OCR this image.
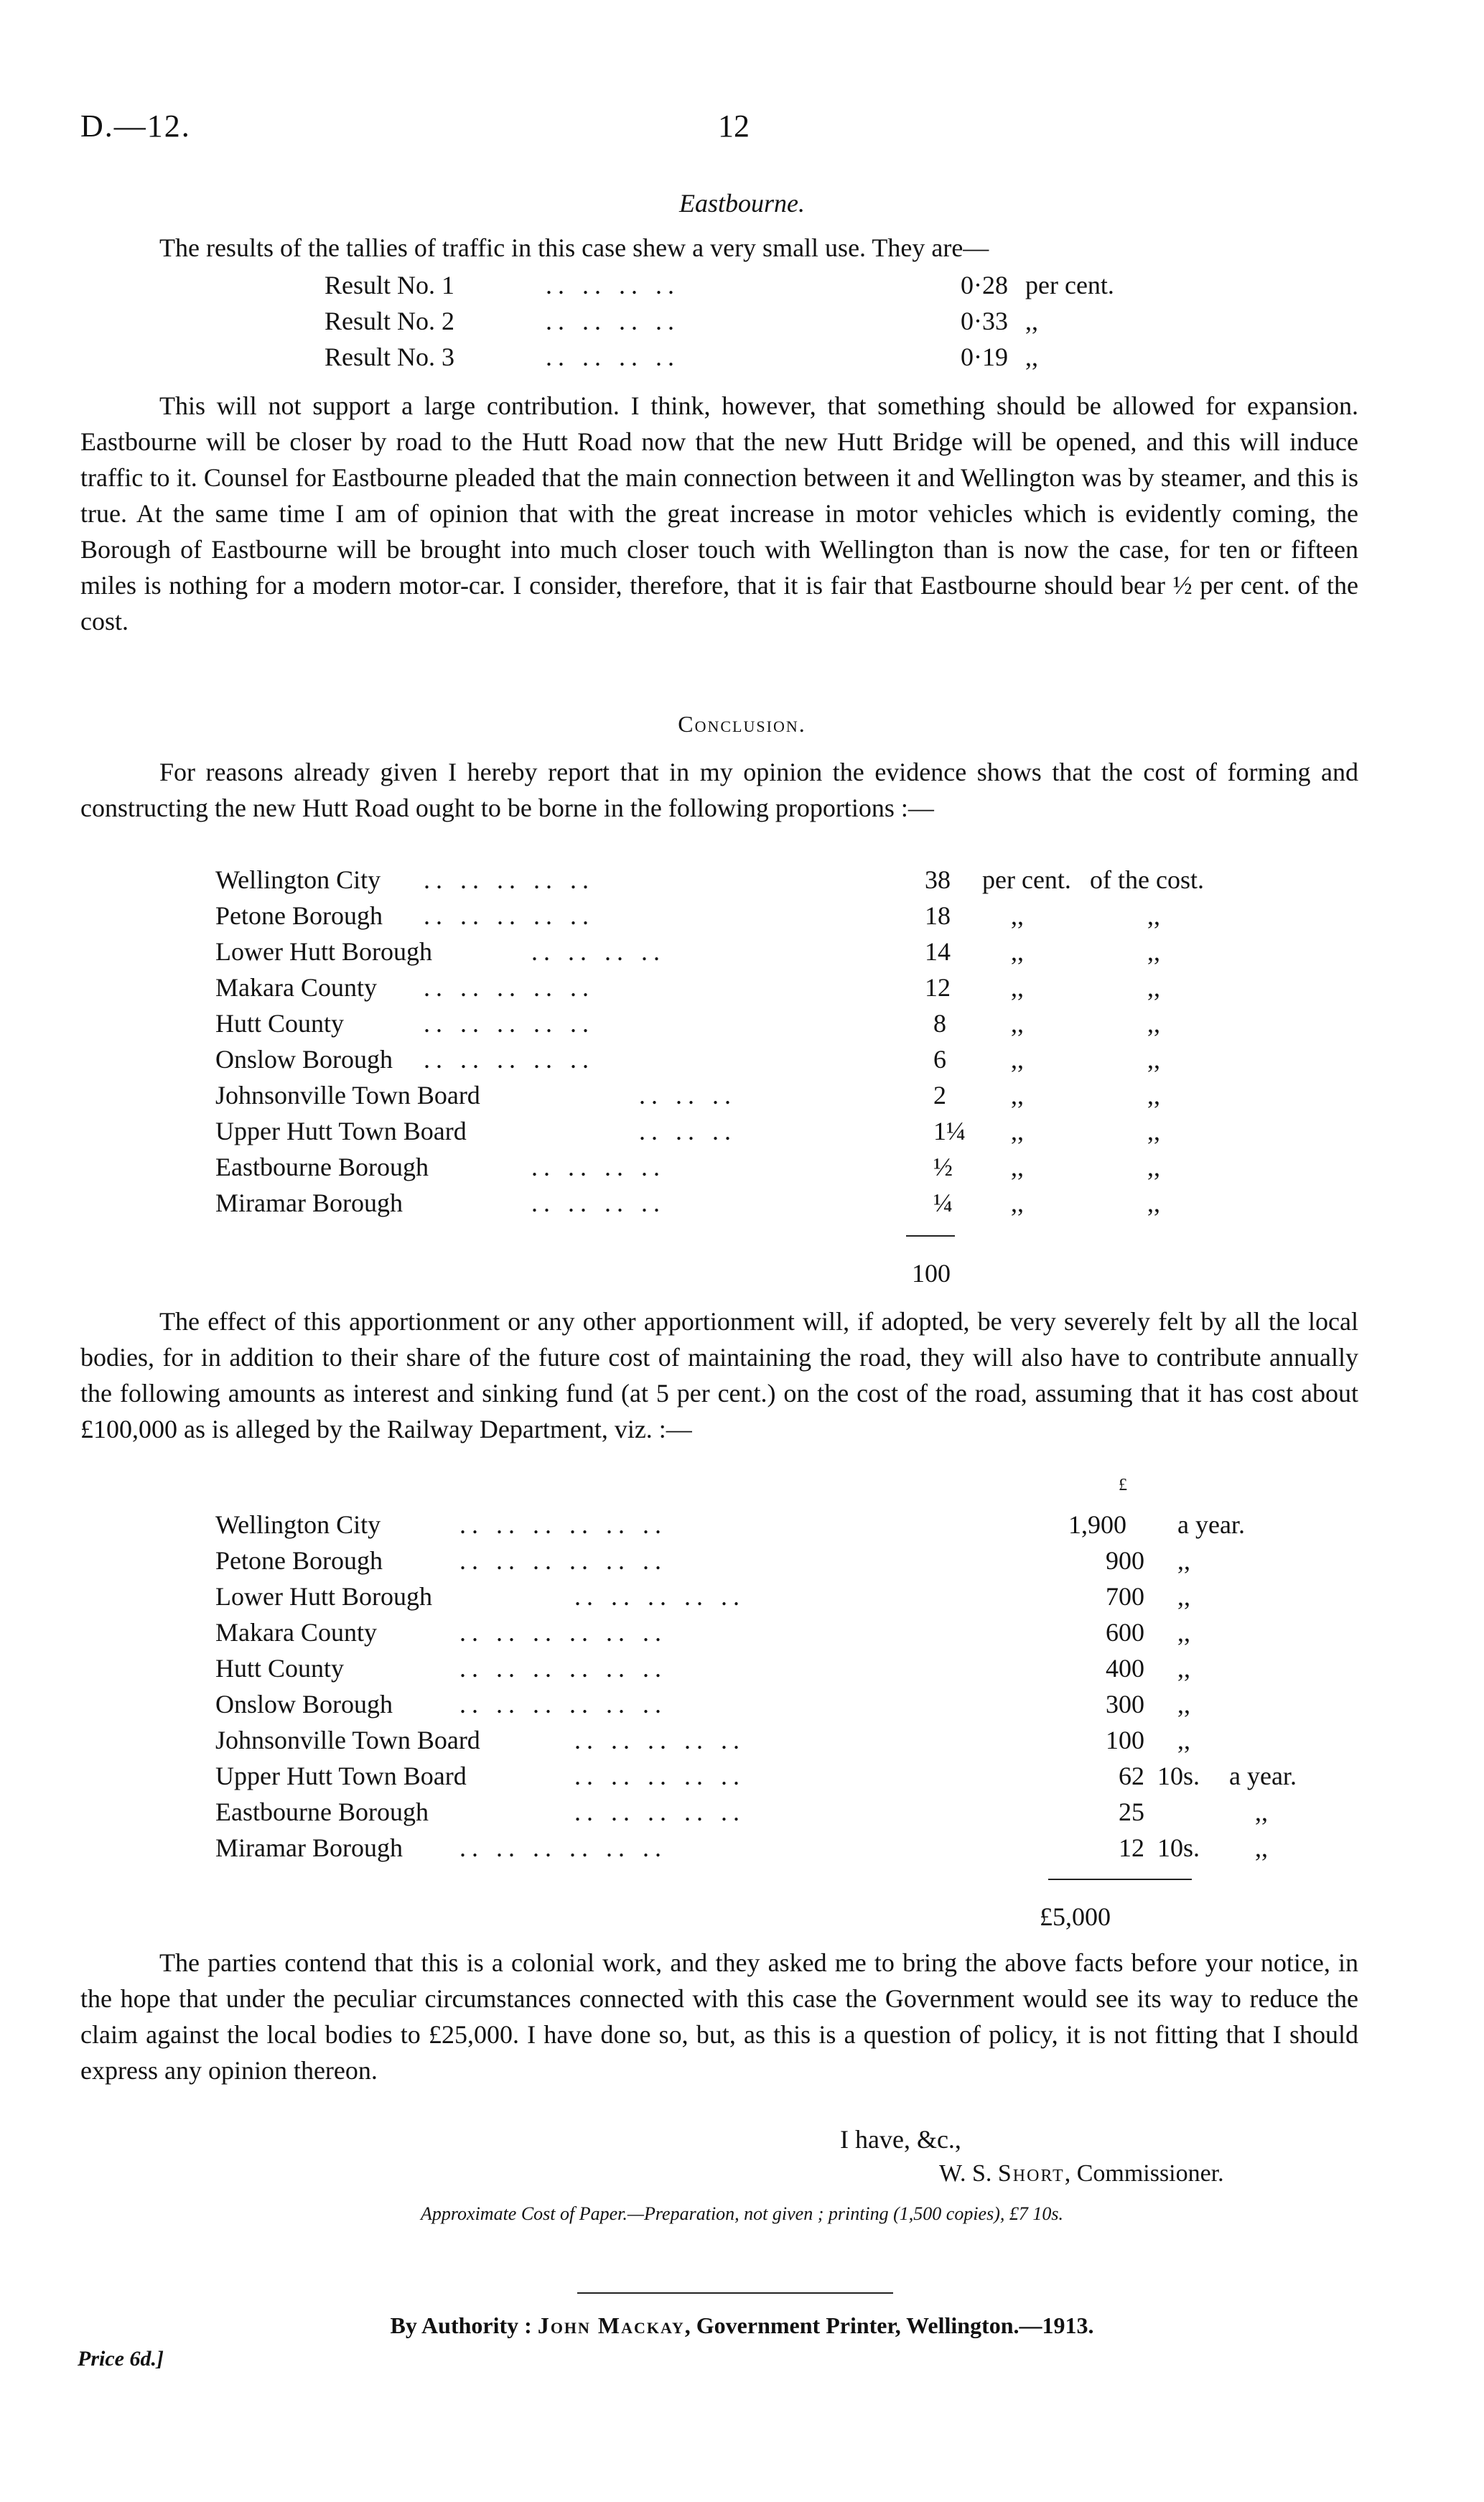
D.—12.	12
Eastbourne.
The results of the tallies of traffic in this case shew a very small use. They are—
Result No. 1	.. .. .. ..	0·28 per cent.
Result No. 2	.. .. .. ..	0·33 ,,
Result No. 3	.. .. .. ..	0·19 ,,
This will not support a large contribution. I think, however, that something should be allowed for expansion. Eastbourne will be closer by road to the Hutt Road now that the new Hutt Bridge will be opened, and this will induce traffic to it. Counsel for Eastbourne pleaded that the main connection between it and Wellington was by steamer, and this is true. At the same time I am of opinion that with the great increase in motor vehicles which is evidently coming, the Borough of Eastbourne will be brought into much closer touch with Wellington than is now the case, for ten or fifteen miles is nothing for a modern motor-car. I consider, therefore, that it is fair that Eastbourne should bear ½ per cent. of the cost.
Conclusion.
For reasons already given I hereby report that in my opinion the evidence shows that the cost of forming and constructing the new Hutt Road ought to be borne in the following proportions :—
Wellington City .. .. .. .. ..	38 per cent. of the cost.
Petone Borough .. .. .. .. ..	18 ,,	,,
Lower Hutt Borough	.. .. .. ..	14 ,,	,,
Makara County .. .. .. .. ..	12 ,,	,,
Hutt County	.. .. .. .. ..	8	,,	,,
Onslow Borough .. .. .. .. ..	6	,,	,,
Johnsonville Town Board	.. .. ..	2	,,	,,
Upper Hutt Town Board	.. .. ..	1¼ ,,	,,
Eastbourne Borough	.. .. .. ..	½ ,,	,,
Miramar Borough	.. .. .. ..	¼ ,,	,,
100
The effect of this apportionment or any other apportionment will, if adopted, be very severely felt by all the local bodies, for in addition to their share of the future cost of maintaining the road, they will also have to contribute annually the following amounts as interest and sinking fund (at 5 per cent.) on the cost of the road, assuming that it has cost about £100,000 as is alleged by the Railway Department, viz. :—
£
Wellington City	.. .. .. .. .. ..	1,900 a year.
Petone Borough	.. .. .. .. .. ..	900 ,,
Lower Hutt Borough	.. .. .. .. ..	700 ,,
Makara County	.. .. .. .. .. ..	600 ,,
Hutt County	.. .. .. .. .. ..	400 ,,
Onslow Borough	.. .. .. .. .. ..	300 ,,
Johnsonville Town Board	.. .. .. .. ..	100 ,,
Upper Hutt Town Board	.. .. .. .. ..	62 10s. a year.
Eastbourne Borough	.. .. .. .. ..	25	,,
Miramar Borough .. .. .. .. .. ..	12 10s. ,,
£5,000
The parties contend that this is a colonial work, and they asked me to bring the above facts before your notice, in the hope that under the peculiar circumstances connected with this case the Government would see its way to reduce the claim against the local bodies to £25,000. I have done so, but, as this is a question of policy, it is not fitting that I should express any opinion thereon.
I have, &c.,
W. S. Short, Commissioner.
Approximate Cost of Paper.—Preparation, not given ; printing (1,500 copies), £7 10s.
By Authority : John Mackay, Government Printer, Wellington.—1913.
Price 6d.]
